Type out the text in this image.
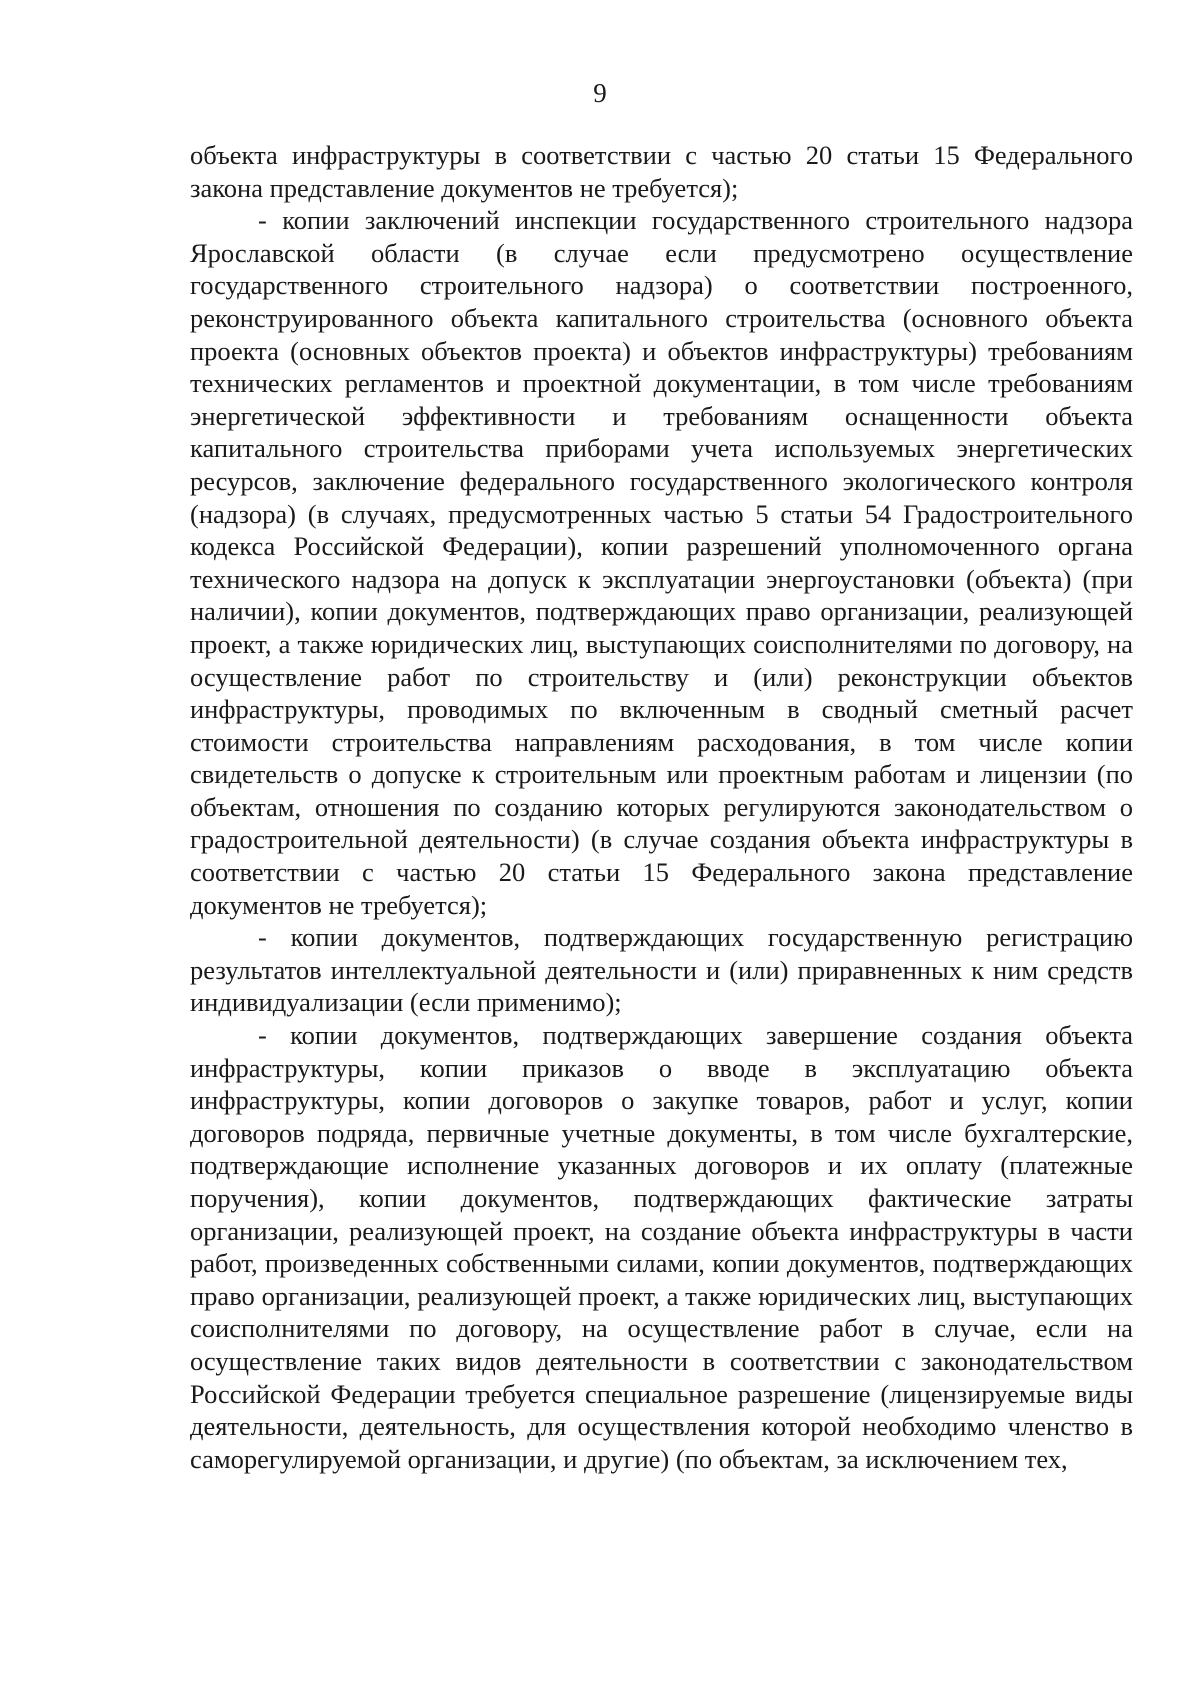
9

объекта инфраструктуры в соответствии с частью 20 статьи 15 Федерального закона представление документов не требуется);

- копии заключений инспекции государственного строительного надзора Ярославской области (в случае если предусмотрено осуществление государственного строительного надзора) о соответствии построенного, реконструированного объекта капитального строительства (основного объекта проекта (основных объектов проекта) и объектов инфраструктуры) требованиям технических регламентов и проектной документации, в том числе требованиям энергетической эффективности и требованиям оснащенности объекта капитального строительства приборами учета используемых энергетических ресурсов, заключение федерального государственного экологического контроля (надзора) (в случаях, предусмотренных частью 5 статьи 54 Градостроительного кодекса Российской Федерации), копии разрешений уполномоченного органа технического надзора на допуск к эксплуатации энергоустановки (объекта) (при наличии), копии документов, подтверждающих право организации, реализующей проект, а также юридических лиц, выступающих соисполнителями по договору, на осуществление работ по строительству и (или) реконструкции объектов инфраструктуры, проводимых по включенным в сводный сметный расчет стоимости строительства направлениям расходования, в том числе копии свидетельств о допуске к строительным или проектным работам и лицензии (по объектам, отношения по созданию которых регулируются законодательством о градостроительной деятельности) (в случае создания объекта инфраструктуры в соответствии с частью 20 статьи 15 Федерального закона представление документов не требуется);

- копии документов, подтверждающих государственную регистрацию результатов интеллектуальной деятельности и (или) приравненных к ним средств индивидуализации (если применимо);

- копии документов, подтверждающих завершение создания объекта инфраструктуры, копии приказов о вводе в эксплуатацию объекта инфраструктуры, копии договоров о закупке товаров, работ и услуг, копии договоров подряда, первичные учетные документы, в том числе бухгалтерские, подтверждающие исполнение указанных договоров и их оплату (платежные поручения), копии документов, подтверждающих фактические затраты организации, реализующей проект, на создание объекта инфраструктуры в части работ, произведенных собственными силами, копии документов, подтверждающих право организации, реализующей проект, а также юридических лиц, выступающих соисполнителями по договору, на осуществление работ в случае, если на осуществление таких видов деятельности в соответствии с законодательством Российской Федерации требуется специальное разрешение (лицензируемые виды деятельности, деятельность, для осуществления которой необходимо членство в саморегулируемой организации, и другие) (по объектам, за исключением тех,
